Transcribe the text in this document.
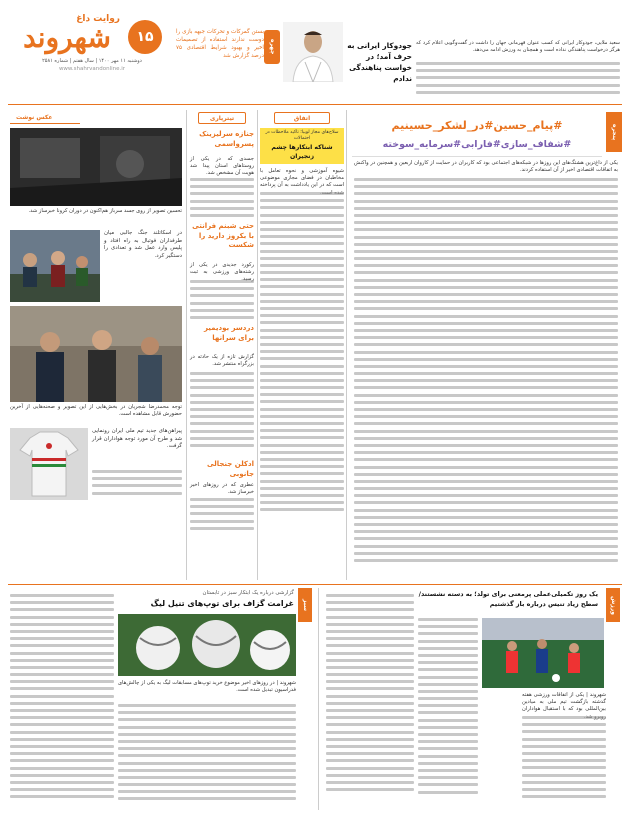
روایت داغ
شهروند	۱۵
دوشنبه ۱۱ مهر ۱۴۰۰ | سال هفتم | شماره ۲۵۸۱
www.shahrvandonline.ir
بستن گمرکات و تحرکات جبهه بازی را دوست ندارند استفاده از تصمیمات اخیر و بهبود شرایط اقتصادی ۷۵ درصد گزارش شد
چهره	جودوکار ایرانی به حرف آمد؛ در خواست پناهندگی ندادم
سعید ملایی، جودوکار ایرانی که کسب عنوان قهرمانی جهان را داشت در گفت‌وگویی اعلام کرد که هرگز درخواست پناهندگی نداده است و همچنان به ورزش ادامه می‌دهد.
عکس نوشت
تحسین تصویر از روی جسد سرباز هم‌اکنون در دوران کرونا خبرساز شد.
در اسکاتلند جنگ جالبی میان طرفداران فوتبال به راه افتاد و پلیس وارد عمل شد و تعدادی را دستگیر کرد.
توجه محمدرضا شجریان در بخش‌هایی از این تصویر و صحنه‌هایی از آخرین حضورش قابل مشاهده است.
پیراهن‌های جدید تیم ملی ایران رونمایی شد و طرح آن مورد توجه هواداران قرار گرفت.
تیترپاری
جنازه سرلیزینک پسرواسمی
جسدی که در یکی از روستاهای استان پیدا شد هویت آن مشخص شد.
حتی شبنم فرانتی با بکروز دارید را شکست
رکورد جدیدی در یکی از رشته‌های ورزشی به ثبت
دردسر بودیمیر برای سرانها
گزارش تازه از یک حادثه در بزرگراه منتشر شد.
ادکلن جنجالی جانوبی
عطری که در روزهای اخیر خبرساز شد.
اتفاق
سلاح‌های مجاز لوبیا؛ تاکید ملاحظات در احتمالات
شناکه ابتکارها چشم زنجیران
شیوه آموزشی و نحوه تعامل با مخاطبان در فضای مجازی موضوعی است که در این یادداشت به آن پرداخته
پنجره
#پیام_حسین#در_لشکر_حسینیم
#شفاف_سازی#فارابی#سرمایه_سوخته
یکی از داغ‌ترین هشتگ‌های این روزها در شبکه‌های اجتماعی بود که کاربران در حمایت از کاروان اربعین و همچنین در واکنش به اتفاقات اقتصادی اخیر از آن استفاده کردند.
سبز
گزارشی درباره یک ابتکار سبز در تابستان
غرامت گزاف برای توپ‌های تنیل لیگ
شهروند | در روزهای اخیر موضوع خرید توپ‌های مسابقات لیگ به یکی از چالش‌های فدراسیون تبدیل شده است.
ورزش
یک روز تکمیلی‌عملی پرمعنی برای تولد؛ به دسته نشستند/ سطح زیاد تنیس درباره باز گذشتیم
شهروند | یکی از اتفاقات ورزشی هفته گذشته بازگشت تیم ملی به میادین بین‌المللی بود که با استقبال هواداران
